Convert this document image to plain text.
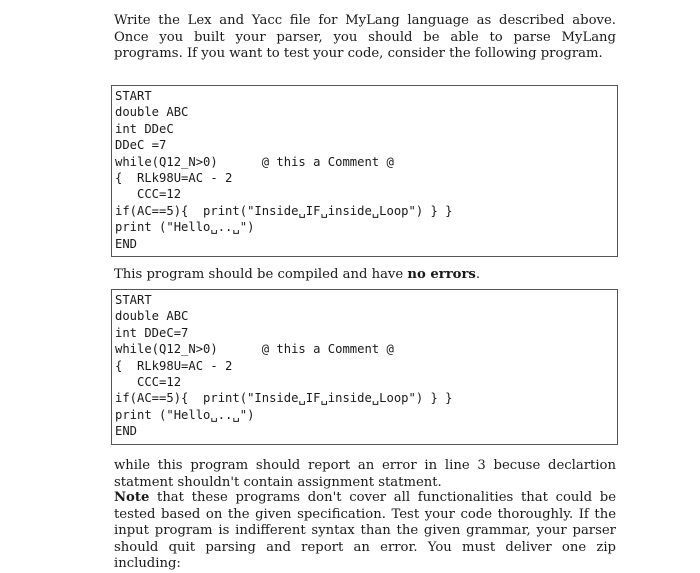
Write the Lex and Yacc file for MyLang language as described above. Once you built your parser, you should be able to parse MyLang programs. If you want to test your code, consider the following program.

START
double ABC
int DDeC
DDeC =7
while(Q12_N>0)      @ this a Comment @
{  RLk98U=AC - 2
CCC=12
if(AC==5){  print("Inside␣IF␣inside␣Loop") } }
print ("Hello␣..␣")
END

This program should be compiled and have no errors.

START
double ABC
int DDeC=7
while(Q12_N>0)      @ this a Comment @
{  RLk98U=AC - 2
CCC=12
if(AC==5){  print("Inside␣IF␣inside␣Loop") } }
print ("Hello␣..␣")
END

while this program should report an error in line 3 becuse declartion statment shouldn't contain assignment statment.

Note that these programs don't cover all functionalities that could be tested based on the given specification. Test your code thoroughly. If the input program is indifferent syntax than the given grammar, your parser should quit parsing and report an error. You must deliver one zip including:
